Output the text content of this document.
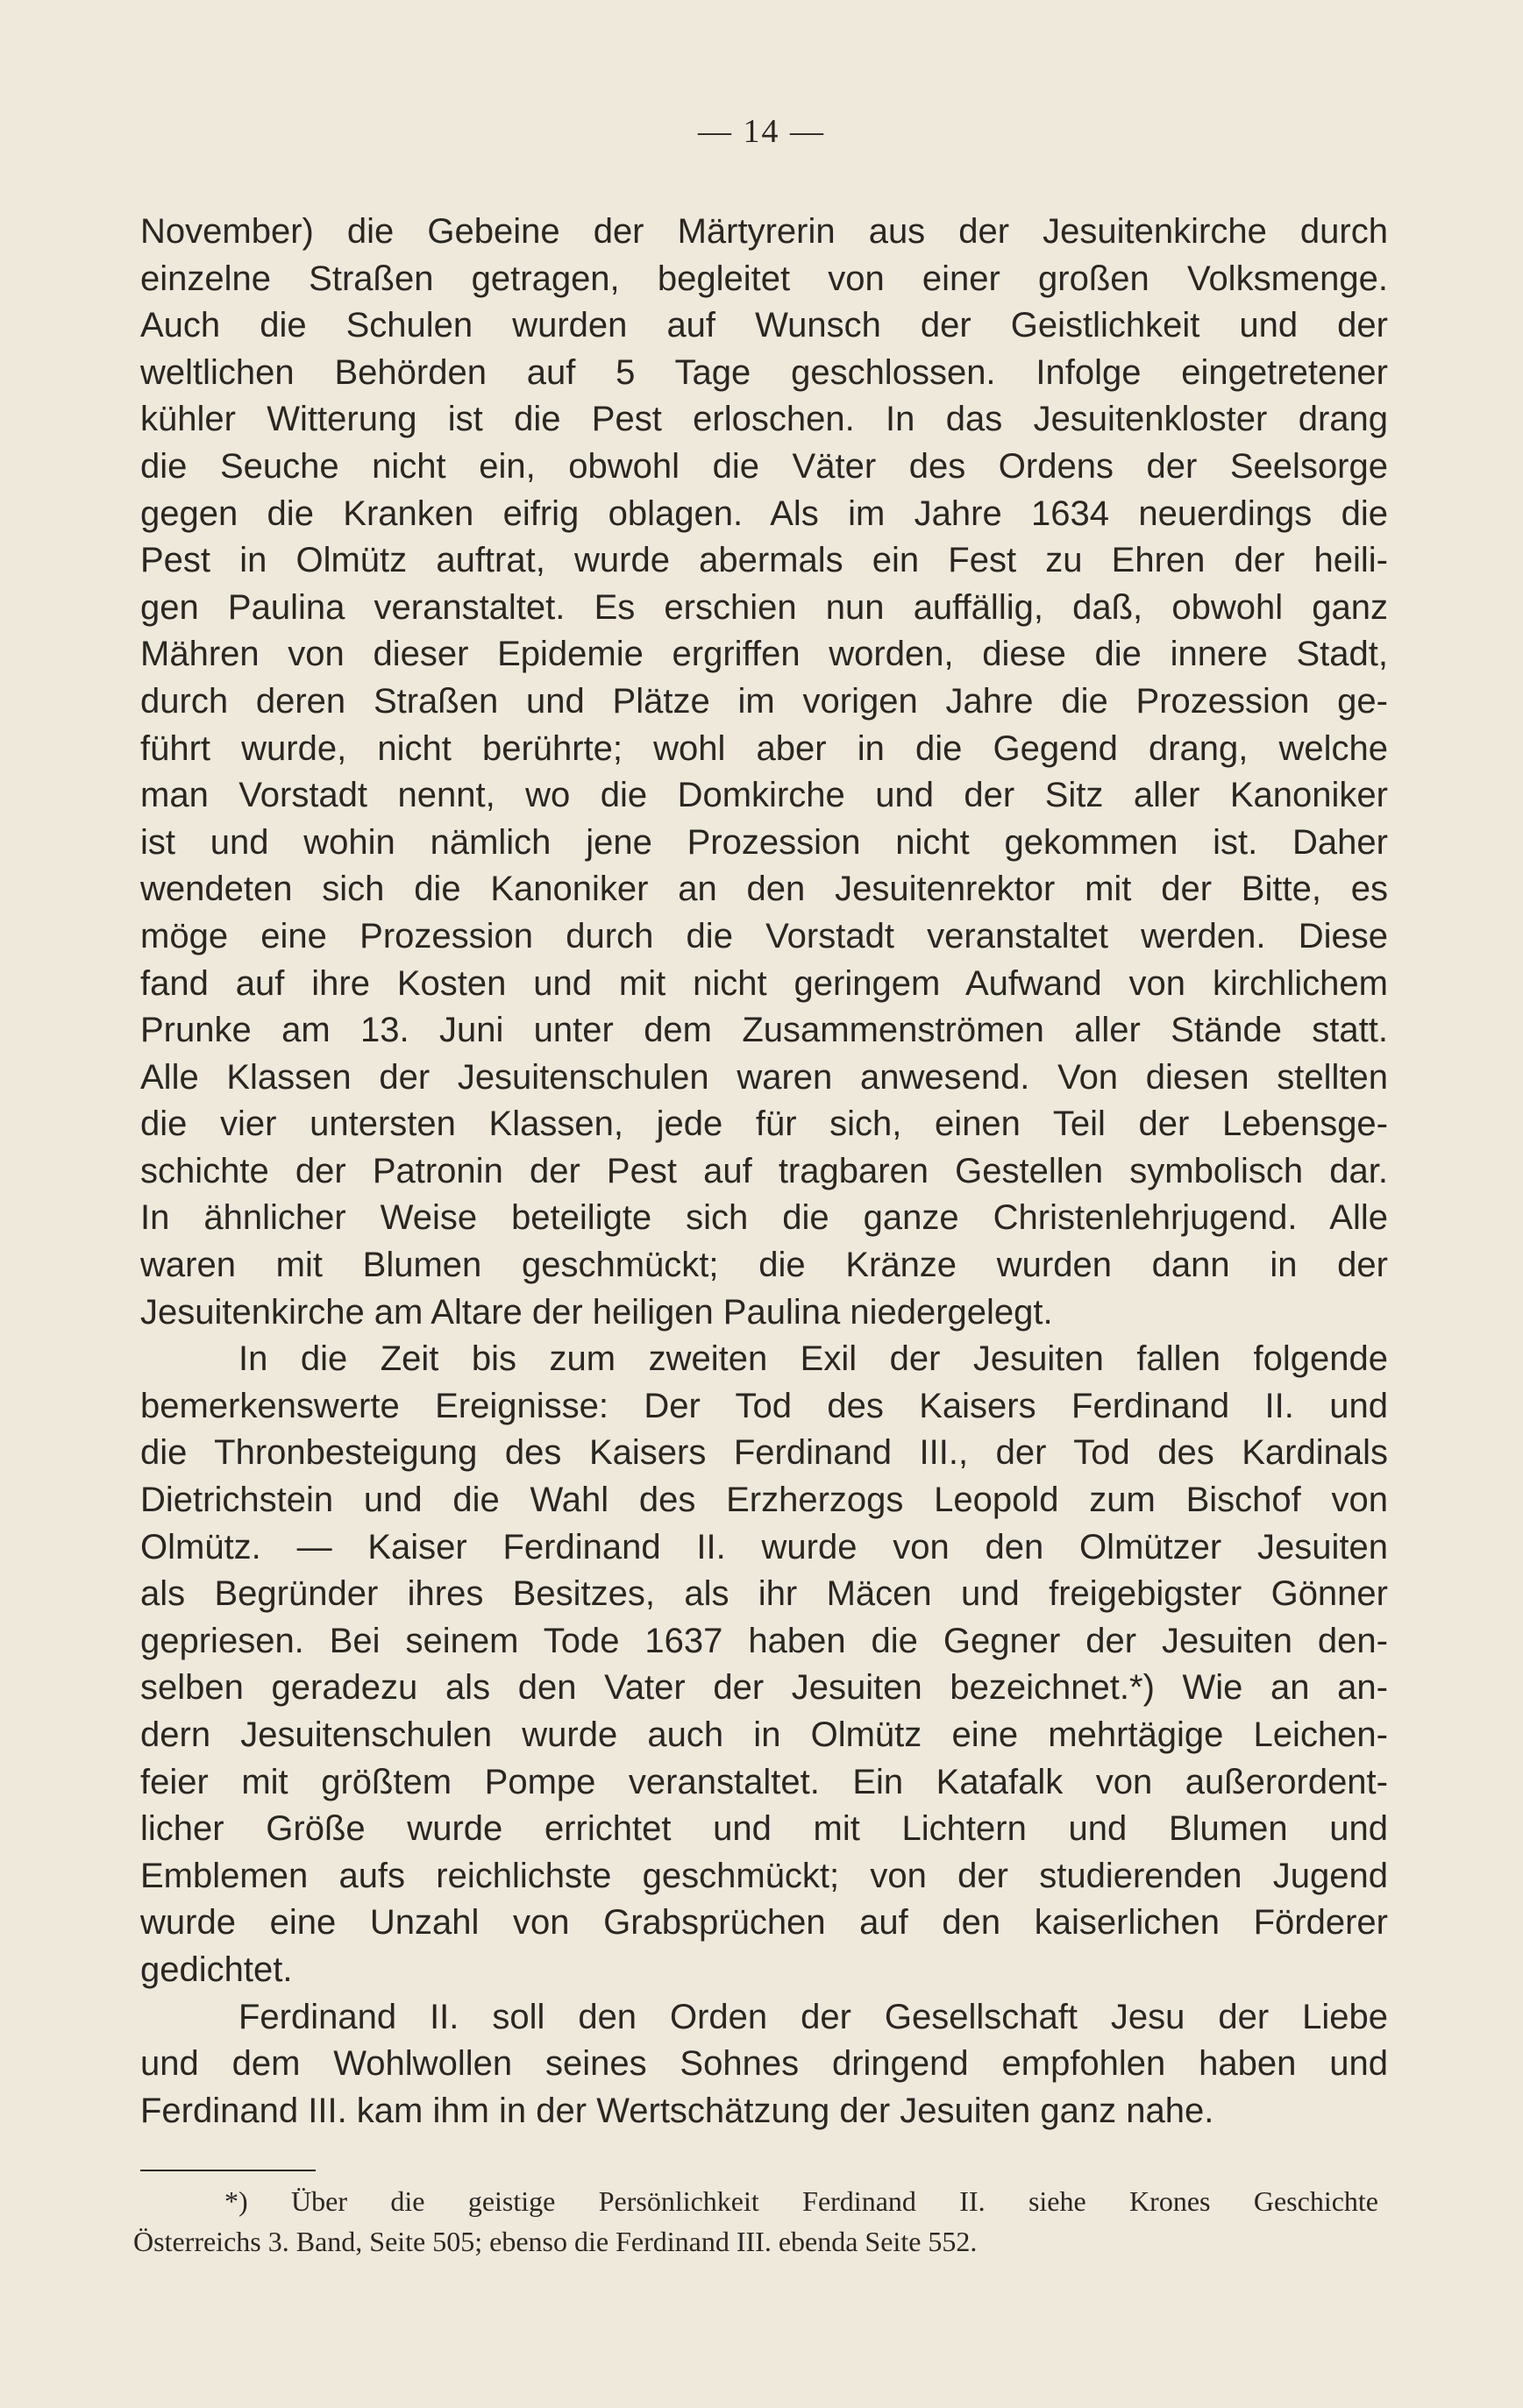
— 14 —
November) die Gebeine der Märtyrerin aus der Jesuitenkirche durch
einzelne Straßen getragen, begleitet von einer großen Volksmenge.
Auch die Schulen wurden auf Wunsch der Geistlichkeit und der
weltlichen Behörden auf 5 Tage geschlossen. Infolge eingetretener
kühler Witterung ist die Pest erloschen. In das Jesuitenkloster drang
die Seuche nicht ein, obwohl die Väter des Ordens der Seelsorge
gegen die Kranken eifrig oblagen. Als im Jahre 1634 neuerdings die
Pest in Olmütz auftrat, wurde abermals ein Fest zu Ehren der heili-
gen Paulina veranstaltet. Es erschien nun auffällig, daß, obwohl ganz
Mähren von dieser Epidemie ergriffen worden, diese die innere Stadt,
durch deren Straßen und Plätze im vorigen Jahre die Prozession ge-
führt wurde, nicht berührte; wohl aber in die Gegend drang, welche
man Vorstadt nennt, wo die Domkirche und der Sitz aller Kanoniker
ist und wohin nämlich jene Prozession nicht gekommen ist. Daher
wendeten sich die Kanoniker an den Jesuitenrektor mit der Bitte, es
möge eine Prozession durch die Vorstadt veranstaltet werden. Diese
fand auf ihre Kosten und mit nicht geringem Aufwand von kirchlichem
Prunke am 13. Juni unter dem Zusammenströmen aller Stände statt.
Alle Klassen der Jesuitenschulen waren anwesend. Von diesen stellten
die vier untersten Klassen, jede für sich, einen Teil der Lebensge-
schichte der Patronin der Pest auf tragbaren Gestellen symbolisch dar.
In ähnlicher Weise beteiligte sich die ganze Christenlehrjugend. Alle
waren mit Blumen geschmückt; die Kränze wurden dann in der
Jesuitenkirche am Altare der heiligen Paulina niedergelegt.
In die Zeit bis zum zweiten Exil der Jesuiten fallen folgende
bemerkenswerte Ereignisse: Der Tod des Kaisers Ferdinand II. und
die Thronbesteigung des Kaisers Ferdinand III., der Tod des Kardinals
Dietrichstein und die Wahl des Erzherzogs Leopold zum Bischof von
Olmütz. — Kaiser Ferdinand II. wurde von den Olmützer Jesuiten
als Begründer ihres Besitzes, als ihr Mäcen und freigebigster Gönner
gepriesen. Bei seinem Tode 1637 haben die Gegner der Jesuiten den-
selben geradezu als den Vater der Jesuiten bezeichnet.*) Wie an an-
dern Jesuitenschulen wurde auch in Olmütz eine mehrtägige Leichen-
feier mit größtem Pompe veranstaltet. Ein Katafalk von außerordent-
licher Größe wurde errichtet und mit Lichtern und Blumen und
Emblemen aufs reichlichste geschmückt; von der studierenden Jugend
wurde eine Unzahl von Grabsprüchen auf den kaiserlichen Förderer
gedichtet.
Ferdinand II. soll den Orden der Gesellschaft Jesu der Liebe
und dem Wohlwollen seines Sohnes dringend empfohlen haben und
Ferdinand III. kam ihm in der Wertschätzung der Jesuiten ganz nahe.
*) Über die geistige Persönlichkeit Ferdinand II. siehe Krones Geschichte
Österreichs 3. Band, Seite 505; ebenso die Ferdinand III. ebenda Seite 552.
